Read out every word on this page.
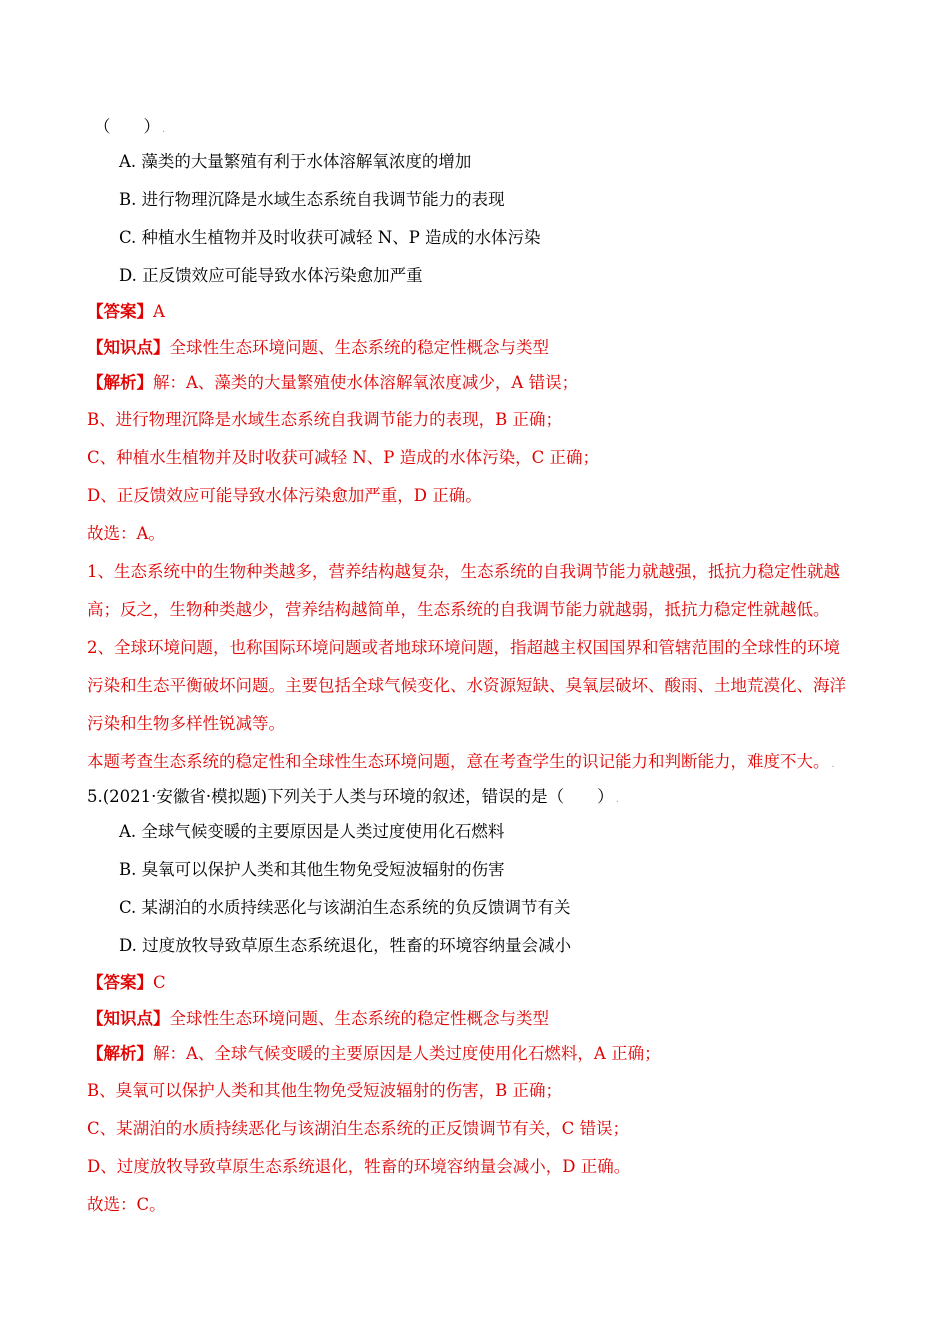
（　　） .
A. 藻类的大量繁殖有利于水体溶解氧浓度的增加
B. 进行物理沉降是水域生态系统自我调节能力的表现
C. 种植水生植物并及时收获可减轻 N、P 造成的水体污染
D. 正反馈效应可能导致水体污染愈加严重
【答案】A
【知识点】全球性生态环境问题、生态系统的稳定性概念与类型
【解析】解：A、藻类的大量繁殖使水体溶解氧浓度减少，A 错误；
B、进行物理沉降是水域生态系统自我调节能力的表现，B 正确；
C、种植水生植物并及时收获可减轻 N、P 造成的水体污染，C 正确；
D、正反馈效应可能导致水体污染愈加严重，D 正确。
故选：A。
1、生态系统中的生物种类越多，营养结构越复杂，生态系统的自我调节能力就越强，抵抗力稳定性就越
高；反之，生物种类越少，营养结构越简单，生态系统的自我调节能力就越弱，抵抗力稳定性就越低。
2、全球环境问题，也称国际环境问题或者地球环境问题，指超越主权国国界和管辖范围的全球性的环境
污染和生态平衡破坏问题。主要包括全球气候变化、水资源短缺、臭氧层破坏、酸雨、土地荒漠化、海洋
污染和生物多样性锐减等。
本题考查生态系统的稳定性和全球性生态环境问题，意在考查学生的识记能力和判断能力，难度不大。 .
5.(2021·安徽省·模拟题)下列关于人类与环境的叙述，错误的是（　　） .
A. 全球气候变暖的主要原因是人类过度使用化石燃料
B. 臭氧可以保护人类和其他生物免受短波辐射的伤害
C. 某湖泊的水质持续恶化与该湖泊生态系统的负反馈调节有关
D. 过度放牧导致草原生态系统退化，牲畜的环境容纳量会减小
【答案】C
【知识点】全球性生态环境问题、生态系统的稳定性概念与类型
【解析】解：A、全球气候变暖的主要原因是人类过度使用化石燃料，A 正确；
B、臭氧可以保护人类和其他生物免受短波辐射的伤害，B 正确；
C、某湖泊的水质持续恶化与该湖泊生态系统的正反馈调节有关，C 错误；
D、过度放牧导致草原生态系统退化，牲畜的环境容纳量会减小，D 正确。
故选：C。
